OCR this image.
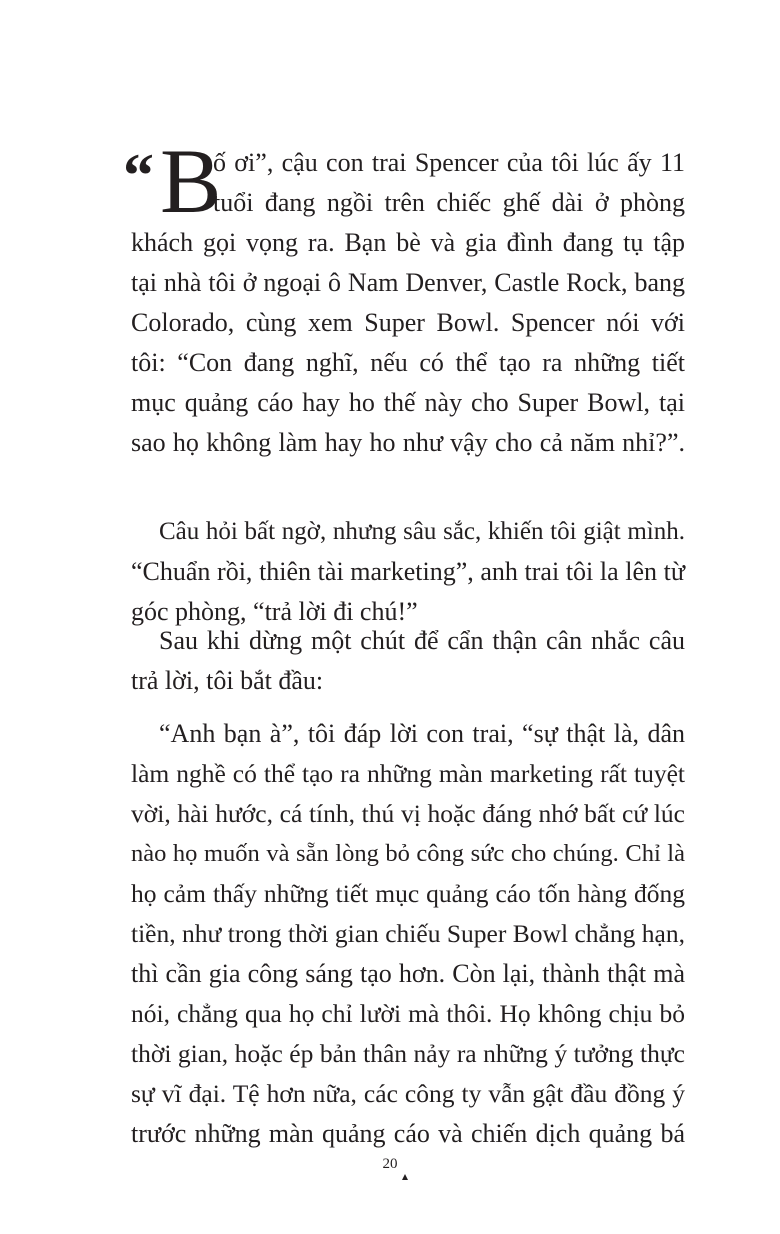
“ B
ố ơi”, cậu con trai Spencer của tôi lúc ấy 11
tuổi đang ngồi trên chiếc ghế dài ở phòng
khách gọi vọng ra. Bạn bè và gia đình đang tụ tập
tại nhà tôi ở ngoại ô Nam Denver, Castle Rock, bang
Colorado, cùng xem Super Bowl. Spencer nói với
tôi: “Con đang nghĩ, nếu có thể tạo ra những tiết
mục quảng cáo hay ho thế này cho Super Bowl, tại
sao họ không làm hay ho như vậy cho cả năm nhỉ?”.
Câu hỏi bất ngờ, nhưng sâu sắc, khiến tôi giật mình.
“Chuẩn rồi, thiên tài marketing”, anh trai tôi la lên từ
góc phòng, “trả lời đi chú!”
Sau khi dừng một chút để cẩn thận cân nhắc câu
trả lời, tôi bắt đầu:
“Anh bạn à”, tôi đáp lời con trai, “sự thật là, dân
làm nghề có thể tạo ra những màn marketing rất tuyệt
vời, hài hước, cá tính, thú vị hoặc đáng nhớ bất cứ lúc
nào họ muốn và sẵn lòng bỏ công sức cho chúng. Chỉ là
họ cảm thấy những tiết mục quảng cáo tốn hàng đống
tiền, như trong thời gian chiếu Super Bowl chẳng hạn,
thì cần gia công sáng tạo hơn. Còn lại, thành thật mà
nói, chẳng qua họ chỉ lười mà thôi. Họ không chịu bỏ
thời gian, hoặc ép bản thân nảy ra những ý tưởng thực
sự vĩ đại. Tệ hơn nữa, các công ty vẫn gật đầu đồng ý
trước những màn quảng cáo và chiến dịch quảng bá
20
